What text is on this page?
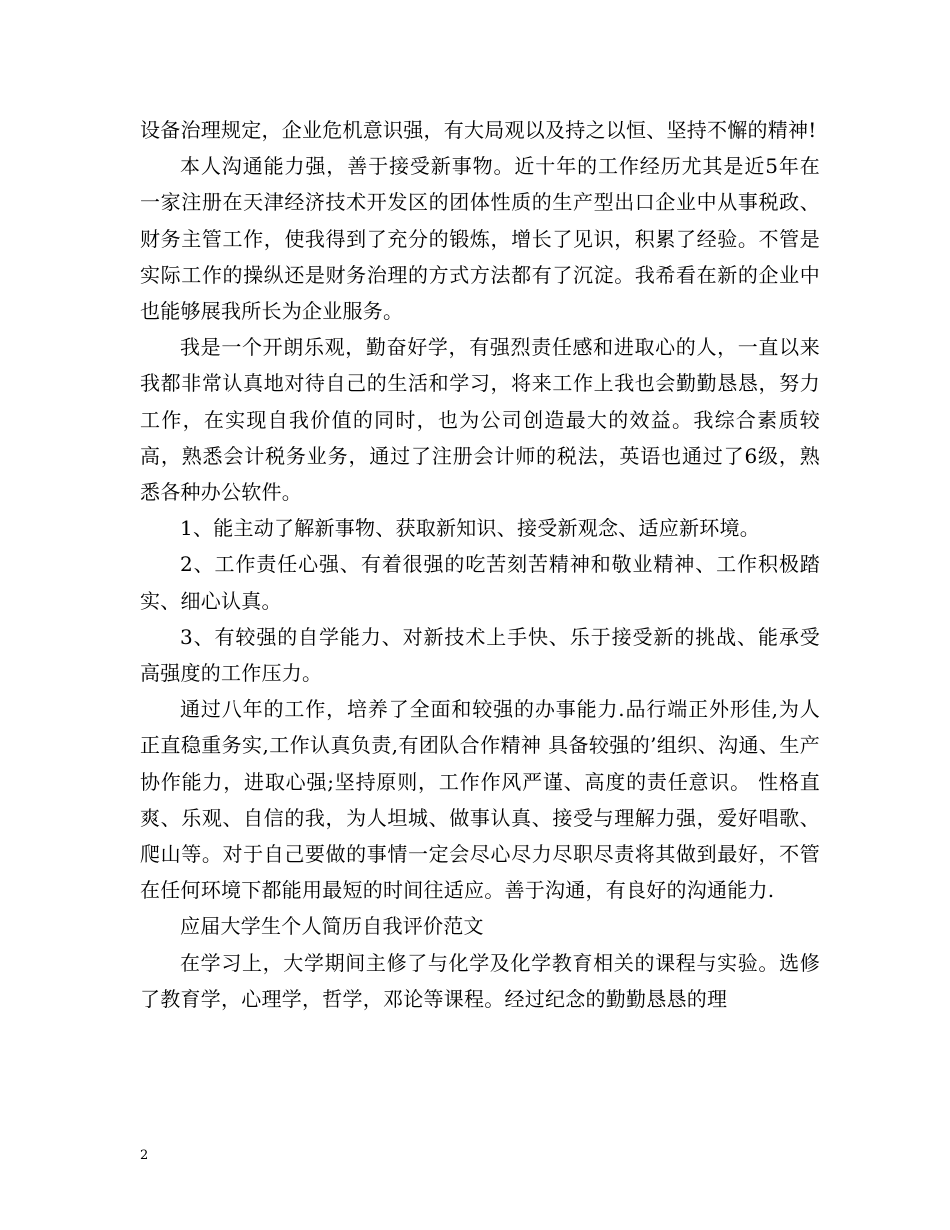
设备治理规定，企业危机意识强，有大局观以及持之以恒、坚持不懈的精神!

本人沟通能力强，善于接受新事物。近十年的工作经历尤其是近5年在一家注册在天津经济技术开发区的团体性质的生产型出口企业中从事税政、财务主管工作，使我得到了充分的锻炼，增长了见识，积累了经验。不管是实际工作的操纵还是财务治理的方式方法都有了沉淀。我希看在新的企业中也能够展我所长为企业服务。

我是一个开朗乐观，勤奋好学，有强烈责任感和进取心的人，一直以来我都非常认真地对待自己的生活和学习，将来工作上我也会勤勤恳恳，努力工作，在实现自我价值的同时，也为公司创造最大的效益。我综合素质较高，熟悉会计税务业务，通过了注册会计师的税法，英语也通过了6级，熟悉各种办公软件。

1、能主动了解新事物、获取新知识、接受新观念、适应新环境。

2、工作责任心强、有着很强的吃苦刻苦精神和敬业精神、工作积极踏实、细心认真。

3、有较强的自学能力、对新技术上手快、乐于接受新的挑战、能承受高强度的工作压力。

通过八年的工作，培养了全面和较强的办事能力.品行端正外形佳,为人正直稳重务实,工作认真负责,有团队合作精神 具备较强的’组织、沟通、生产协作能力，进取心强;坚持原则，工作作风严谨、高度的责任意识。 性格直爽、乐观、自信的我，为人坦城、做事认真、接受与理解力强，爱好唱歌、爬山等。对于自己要做的事情一定会尽心尽力尽职尽责将其做到最好，不管在任何环境下都能用最短的时间往适应。善于沟通，有良好的沟通能力.

应届大学生个人简历自我评价范文

在学习上，大学期间主修了与化学及化学教育相关的课程与实验。选修了教育学，心理学，哲学，邓论等课程。经过纪念的勤勤恳恳的理

2
